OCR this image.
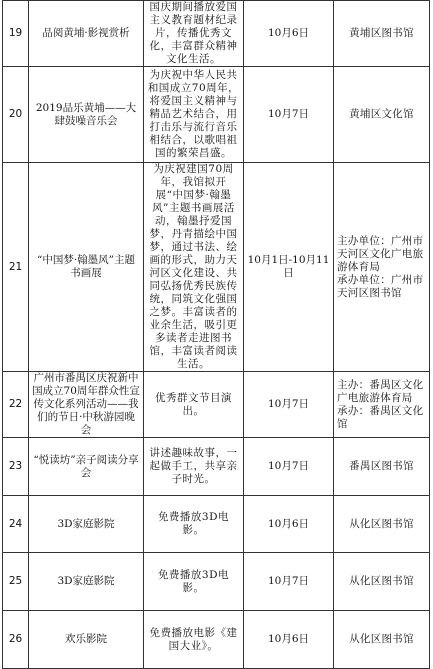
19	品阅黄埔·影视赏析	国庆期间播放爱国主义教育题材纪录片，传播优秀文化，丰富群众精神文化生活。	10月6日	黄埔区图书馆
20	2019品乐黄埔——大肆鼓噪音乐会	为庆祝中华人民共和国成立70周年，将爱国主义精神与精品艺术结合，用打击乐与流行音乐相结合，以歌唱祖国的繁荣昌盛。	10月7日	黄埔区文化馆
21	“中国梦·翰墨风”主题书画展	为庆祝建国70周年，我馆拟开展“中国梦·翰墨风”主题书画展活动，翰墨抒爱国梦，丹青描绘中国梦，通过书法、绘画的形式，助力天河区文化建设、共同弘扬优秀民族传统，同筑文化强国之梦。丰富读者的业余生活，吸引更多读者走进图书馆，丰富读者阅读生活。	10月1日-10月11日	主办单位：广州市天河区文化广电旅游体育局
承办单位：广州市天河区图书馆

22	广州市番禺区庆祝新中国成立70周年群众性宣传文化系列活动——我们的节日·中秋游园晚会	优秀群文节目演出。	10月7日	主办：番禺区文化广电旅游体育局
承办：番禺区文化馆

23	“悦读坊”亲子阅读分享会	讲述趣味故事，一起做手工，共享亲子时光。	10月7日	番禺区图书馆
24	3D家庭影院	免费播放3D电影。	10月6日	从化区图书馆
25	3D家庭影院	免费播放3D电影。	10月7日	从化区图书馆
26	欢乐影院	免费播放电影《建国大业》。	10月6日	从化区图书馆
